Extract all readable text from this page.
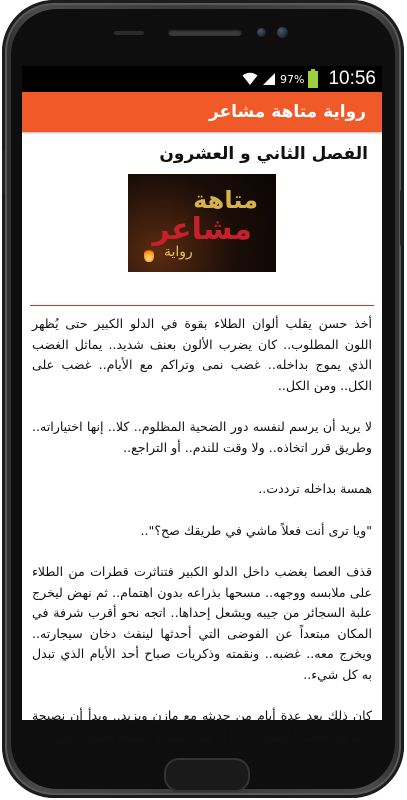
97% 10:56
رواية متاهة مشاعر
الفصل الثاني و العشرون
متاهة
مشاعر
رواية

أخذ حسن يقلب ألوان الطلاء بقوة في الدلو الكبير حتى يُظهر اللون المطلوب.. كان يضرب الألون بعنف شديد.. يماثل الغضب الذي يموج بداخله.. غضب نمى وتراكم مع الأيام.. غضب على الكل.. ومن الكل..

لا يريد أن يرسم لنفسه دور الضحية المظلوم.. كلا.. إنها اختياراته.. وطريق قرر اتخاذه.. ولا وقت للندم.. أو التراجع..

همسة بداخله ترددت..

"ويا ترى أنت فعلاً ماشي في طريقك صح؟"..

قذف العصا بغضب داخل الدلو الكبير فتناثرت قطرات من الطلاء على ملابسه ووجهه.. مسحها بذراعه بدون اهتمام.. ثم نهض ليخرج علبة السجائر من جيبه ويشعل إحداها.. اتجه نحو أقرب شرفة في المكان مبتعداً عن الفوضى التي أحدثها لينفث دخان سيجارته.. ويخرج معه.. غضبه.. ونقمته وذكريات صباح أحد الأيام الذي تبدل به كل شيء..

كان ذلك بعد عدة أيام من حديثه مع مازن ويزيد.. وبدأ أن نصيحة يزيد قد نجحت بالفعل.. وبدأت تلك المساه ابتسام اظهار بعض
